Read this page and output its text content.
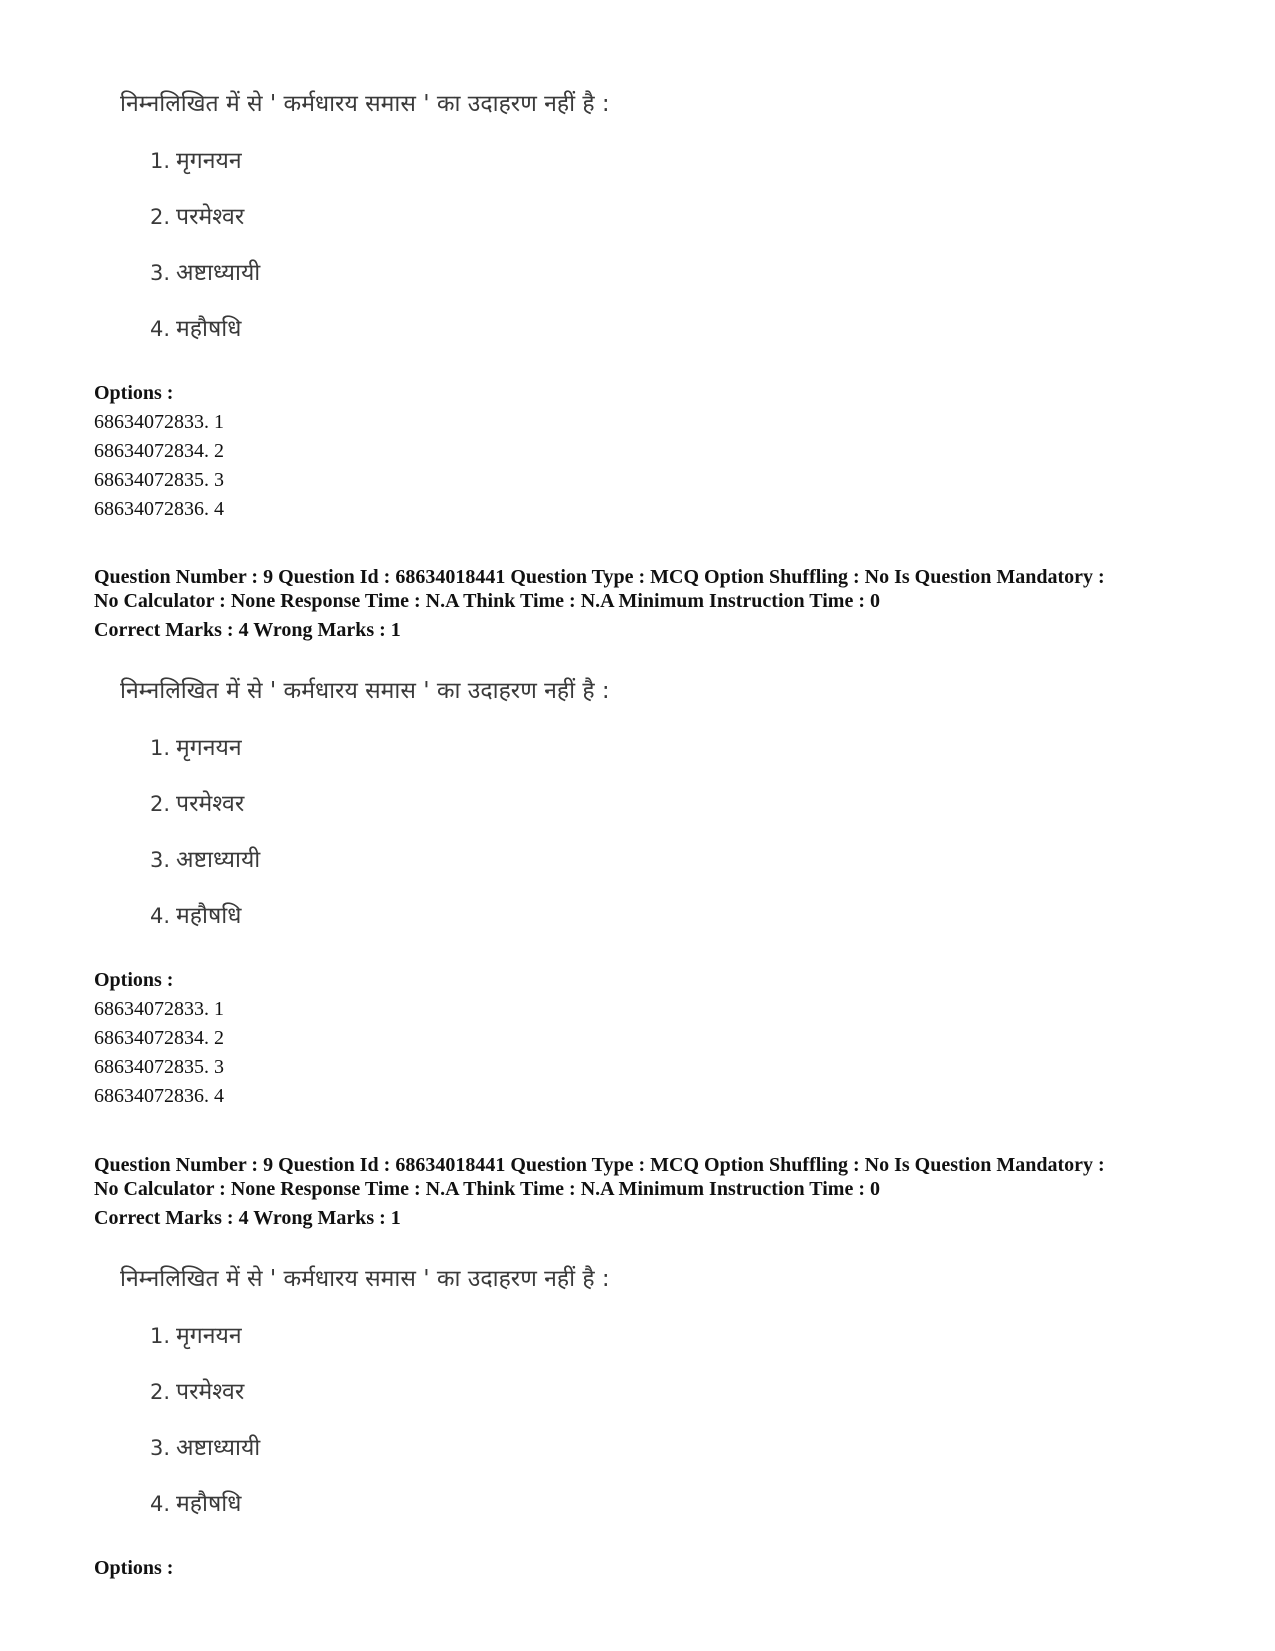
निम्नलिखित में से ' कर्मधारय समास ' का उदाहरण नहीं है :
1. मृगनयन
2. परमेश्वर
3. अष्टाध्यायी
4. महौषधि
Options :
68634072833. 1
68634072834. 2
68634072835. 3
68634072836. 4
Question Number : 9 Question Id : 68634018441 Question Type : MCQ Option Shuffling : No Is Question Mandatory :
No Calculator : None Response Time : N.A Think Time : N.A Minimum Instruction Time : 0
Correct Marks : 4 Wrong Marks : 1
निम्नलिखित में से ' कर्मधारय समास ' का उदाहरण नहीं है :
1. मृगनयन
2. परमेश्वर
3. अष्टाध्यायी
4. महौषधि
Options :
68634072833. 1
68634072834. 2
68634072835. 3
68634072836. 4
Question Number : 9 Question Id : 68634018441 Question Type : MCQ Option Shuffling : No Is Question Mandatory :
No Calculator : None Response Time : N.A Think Time : N.A Minimum Instruction Time : 0
Correct Marks : 4 Wrong Marks : 1
निम्नलिखित में से ' कर्मधारय समास ' का उदाहरण नहीं है :
1. मृगनयन
2. परमेश्वर
3. अष्टाध्यायी
4. महौषधि
Options :
